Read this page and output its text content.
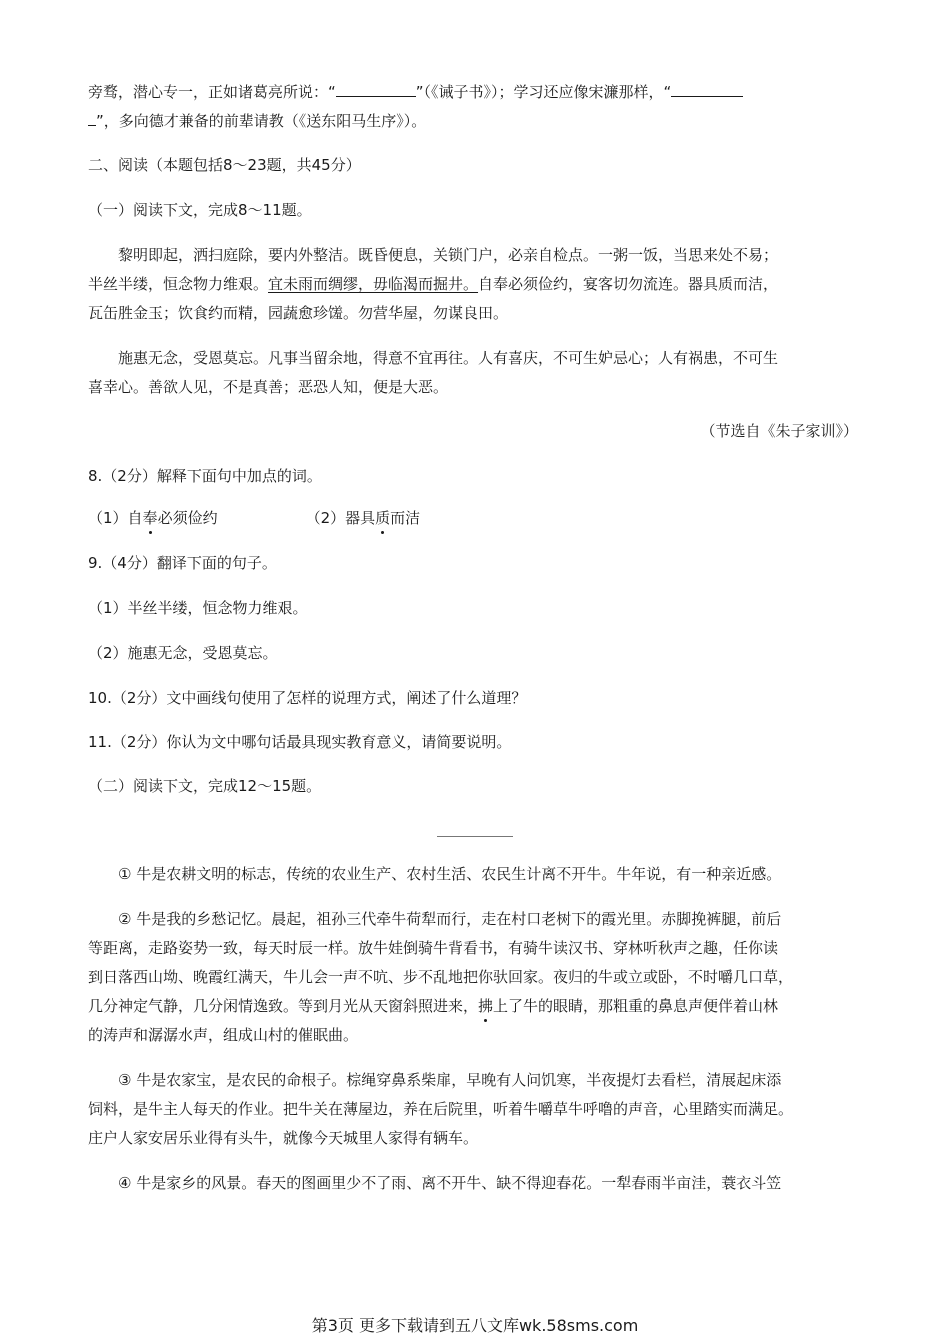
旁骛，潜心专一，正如诸葛亮所说：“	”（《诫子书》）；学习还应像宋濂那样，“
”，多向德才兼备的前辈请教（《送东阳马生序》）。
二、阅读（本题包括8～23题，共45分）
（一）阅读下文，完成8～11题。
黎明即起，洒扫庭除，要内外整洁。既昏便息，关锁门户，必亲自检点。一粥一饭，当思来处不易；
半丝半缕，恒念物力维艰。宜未雨而绸缪，毋临渴而掘井。自奉必须俭约，宴客切勿流连。器具质而洁，
瓦缶胜金玉；饮食约而精，园蔬愈珍馐。勿营华屋，勿谋良田。
施惠无念，受恩莫忘。凡事当留余地，得意不宜再往。人有喜庆，不可生妒忌心；人有祸患，不可生
喜幸心。善欲人见，不是真善；恶恐人知，便是大恶。
（节选自《朱子家训》）
8.（2分）解释下面句中加点的词。
（1）自奉必须俭约	（2）器具质而洁
9.（4分）翻译下面的句子。
（1）半丝半缕，恒念物力维艰。
（2）施惠无念，受恩莫忘。
10.（2分）文中画线句使用了怎样的说理方式，阐述了什么道理？
11.（2分）你认为文中哪句话最具现实教育意义，请简要说明。
（二）阅读下文，完成12～15题。
① 牛是农耕文明的标志，传统的农业生产、农村生活、农民生计离不开牛。牛年说，有一种亲近感。
② 牛是我的乡愁记忆。晨起，祖孙三代牵牛荷犁而行，走在村口老树下的霞光里。赤脚挽裤腿，前后
等距离，走路姿势一致，每天时辰一样。放牛娃倒骑牛背看书，有骑牛读汉书、穿林听秋声之趣，任你读
到日落西山坳、晚霞红满天，牛儿会一声不吭、步不乱地把你驮回家。夜归的牛或立或卧，不时嚼几口草，
几分神定气静，几分闲情逸致。等到月光从天窗斜照进来，拂上了牛的眼睛，那粗重的鼻息声便伴着山林
的涛声和潺潺水声，组成山村的催眠曲。
③ 牛是农家宝，是农民的命根子。棕绳穿鼻系柴扉，早晚有人问饥寒，半夜提灯去看栏，清展起床添
饲料，是牛主人每天的作业。把牛关在薄屋边，养在后院里，听着牛嚼草牛呼噜的声音，心里踏实而满足。
庄户人家安居乐业得有头牛，就像今天城里人家得有辆车。
④ 牛是家乡的风景。春天的图画里少不了雨、离不开牛、缺不得迎春花。一犁春雨半亩洼，蓑衣斗笠
第3页 更多下载请到五八文库wk.58sms.com
